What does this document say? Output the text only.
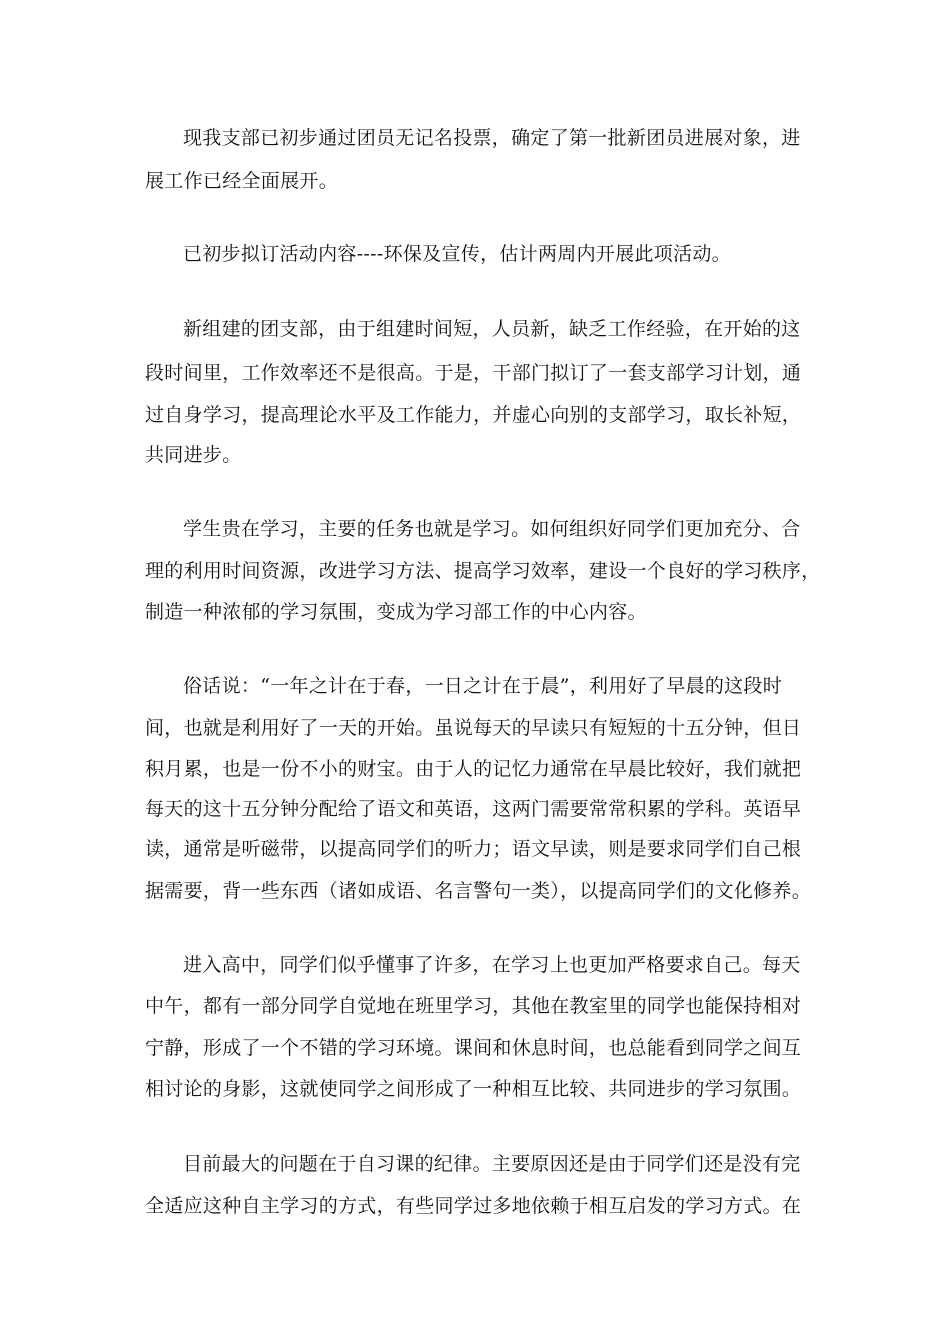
现我支部已初步通过团员无记名投票，确定了第一批新团员进展对象，进
展工作已经全面展开。
已初步拟订活动内容----环保及宣传，估计两周内开展此项活动。
新组建的团支部，由于组建时间短，人员新，缺乏工作经验，在开始的这
段时间里，工作效率还不是很高。于是，干部门拟订了一套支部学习计划，通
过自身学习，提高理论水平及工作能力，并虚心向别的支部学习，取长补短，
共同进步。
学生贵在学习，主要的任务也就是学习。如何组织好同学们更加充分、合
理的利用时间资源，改进学习方法、提高学习效率，建设一个良好的学习秩序，
制造一种浓郁的学习氛围，变成为学习部工作的中心内容。
俗话说：“一年之计在于春，一日之计在于晨”，利用好了早晨的这段时
间，也就是利用好了一天的开始。虽说每天的早读只有短短的十五分钟，但日
积月累，也是一份不小的财宝。由于人的记忆力通常在早晨比较好，我们就把
每天的这十五分钟分配给了语文和英语，这两门需要常常积累的学科。英语早
读，通常是听磁带，以提高同学们的听力；语文早读，则是要求同学们自己根
据需要，背一些东西（诸如成语、名言警句一类），以提高同学们的文化修养。
进入高中，同学们似乎懂事了许多，在学习上也更加严格要求自己。每天
中午，都有一部分同学自觉地在班里学习，其他在教室里的同学也能保持相对
宁静，形成了一个不错的学习环境。课间和休息时间，也总能看到同学之间互
相讨论的身影，这就使同学之间形成了一种相互比较、共同进步的学习氛围。
目前最大的问题在于自习课的纪律。主要原因还是由于同学们还是没有完
全适应这种自主学习的方式，有些同学过多地依赖于相互启发的学习方式。在
